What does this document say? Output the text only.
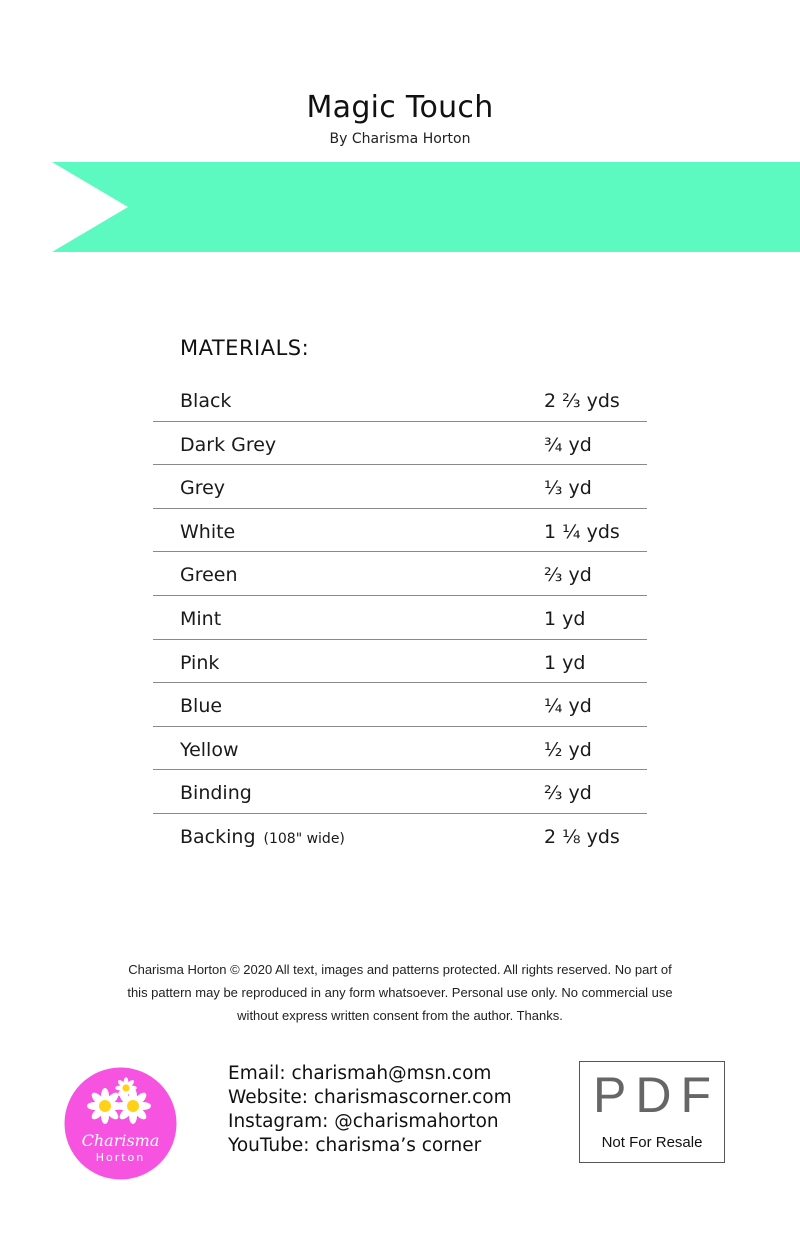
Magic Touch
By Charisma Horton
MATERIALS:
Black	2 ⅔ yds
Dark Grey	¾ yd
Grey	⅓ yd
White	1 ¼ yds
Green	⅔ yd
Mint	1 yd
Pink	1 yd
Blue	¼ yd
Yellow	½ yd
Binding	⅔ yd
Backing (108" wide)	2 ⅛ yds
Charisma Horton © 2020 All text, images and patterns protected. All rights reserved. No part of
this pattern may be reproduced in any form whatsoever. Personal use only. No commercial use
without express written consent from the author. Thanks.
Charisma
Horton
Email: charismah@msn.com
Website: charismascorner.com
Instagram: @charismahorton
YouTube: charisma’s corner
PDF
Not For Resale
